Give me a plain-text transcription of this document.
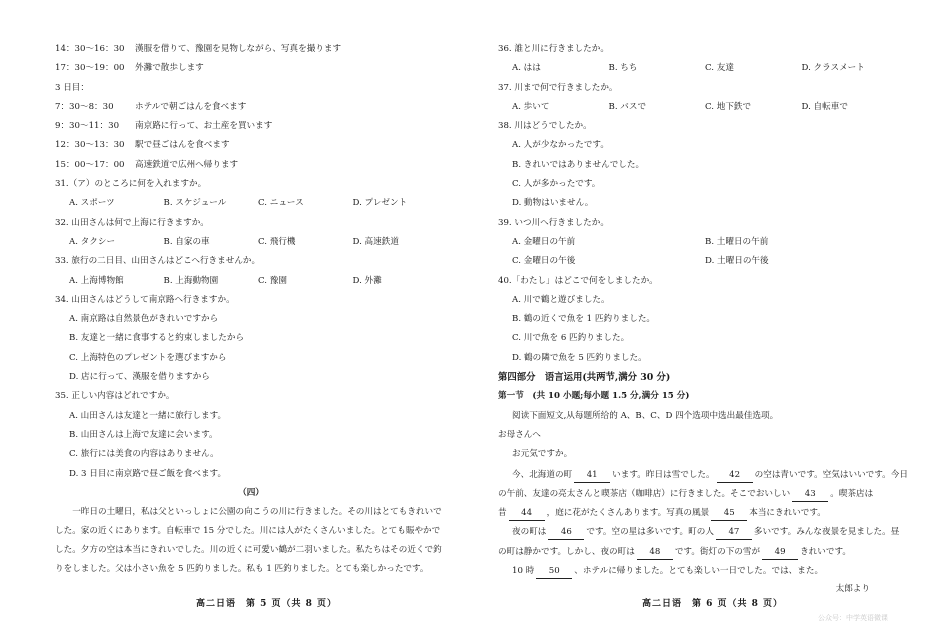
14：30～16：30 漢服を借りて、豫園を見物しながら、写真を撮ります
17：30～19：00 外灘で散歩します
3 日目：
7：30～8：30 ホテルで朝ごはんを食べます
9：30～11：30 南京路に行って、お土産を買います
12：30～13：30 駅で昼ごはんを食べます
15：00～17：00 高速鉄道で広州へ帰ります
31.（ア）のところに何を入れますか。
A. スポーツ	B. スケジュール	C. ニュース	D. プレゼント
32. 山田さんは何で上海に行きますか。
A. タクシー	B. 自家の車	C. 飛行機	D. 高速鉄道
33. 旅行の二日目、山田さんはどこへ行きませんか。
A. 上海博物館	B. 上海動物園	C. 豫園	D. 外灘
34. 山田さんはどうして南京路へ行きますか。
A. 南京路は自然景色がきれいですから
B. 友達と一緒に食事すると約束しましたから
C. 上海特色のプレゼントを選びますから
D. 店に行って、漢服を借りますから
35. 正しい内容はどれですか。
A. 山田さんは友達と一緒に旅行します。
B. 山田さんは上海で友達に会います。
C. 旅行には美食の内容はありません。
D. 3 日目に南京路で昼ご飯を食べます。
（四）
一昨日の土曜日，私は父といっしょに公園の向こうの川に行きました。その川はとてもきれいでした。家の近くにあります。自転車で 15 分でした。川には人がたくさんいました。とても賑やかでした。夕方の空は本当にきれいでした。川の近くに可愛い鶴が二羽いました。私たちはその近くで釣りをしました。父は小さい魚を 5 匹釣りました。私も 1 匹釣りました。とても楽しかったです。
36. 誰と川に行きましたか。
A. はは	B. ちち	C. 友達	D. クラスメート
37. 川まで何で行きましたか。
A. 歩いて	B. バスで	C. 地下鉄で	D. 自転車で
38. 川はどうでしたか。
A. 人が少なかったです。
B. きれいではありませんでした。
C. 人が多かったです。
D. 動物はいません。
39. いつ川へ行きましたか。
A. 金曜日の午前	B. 土曜日の午前
C. 金曜日の午後	D. 土曜日の午後
40.「わたし」はどこで何をしましたか。
A. 川で鶴と遊びました。
B. 鶴の近くで魚を 1 匹釣りました。
C. 川で魚を 6 匹釣りました。
D. 鶴の隣で魚を 5 匹釣りました。
第四部分　语言运用(共两节,满分 30 分)
第一节　(共 10 小题;每小题 1.5 分,满分 15 分)
阅读下面短文,从每题所给的 A、B、C、D 四个选项中选出最佳选项。
お母さんへ
お元気ですか。
今、北海道の町 41 います。昨日は雪でした。 42 の空は青いです。空気はいいです。今日
の午前、友達の亮太さんと喫茶店（咖啡店）に行きました。そこでおいしい 43 。喫茶店は
昔 44 ，庭に花がたくさんあります。写真の風景 45 本当にきれいです。
夜の町は 46 です。空の星は多いです。町の人 47 多いです。みんな夜景を見ました。昼
の町は静かです。しかし、夜の町は 48 です。街灯の下の雪が 49 きれいです。
10 時 50 、ホテルに帰りました。とても楽しい一日でした。では、また。
太郎より
高二日语　第 5 页（共 8 页）	高二日语　第 6 页（共 8 页）
公众号：中学英语微课
